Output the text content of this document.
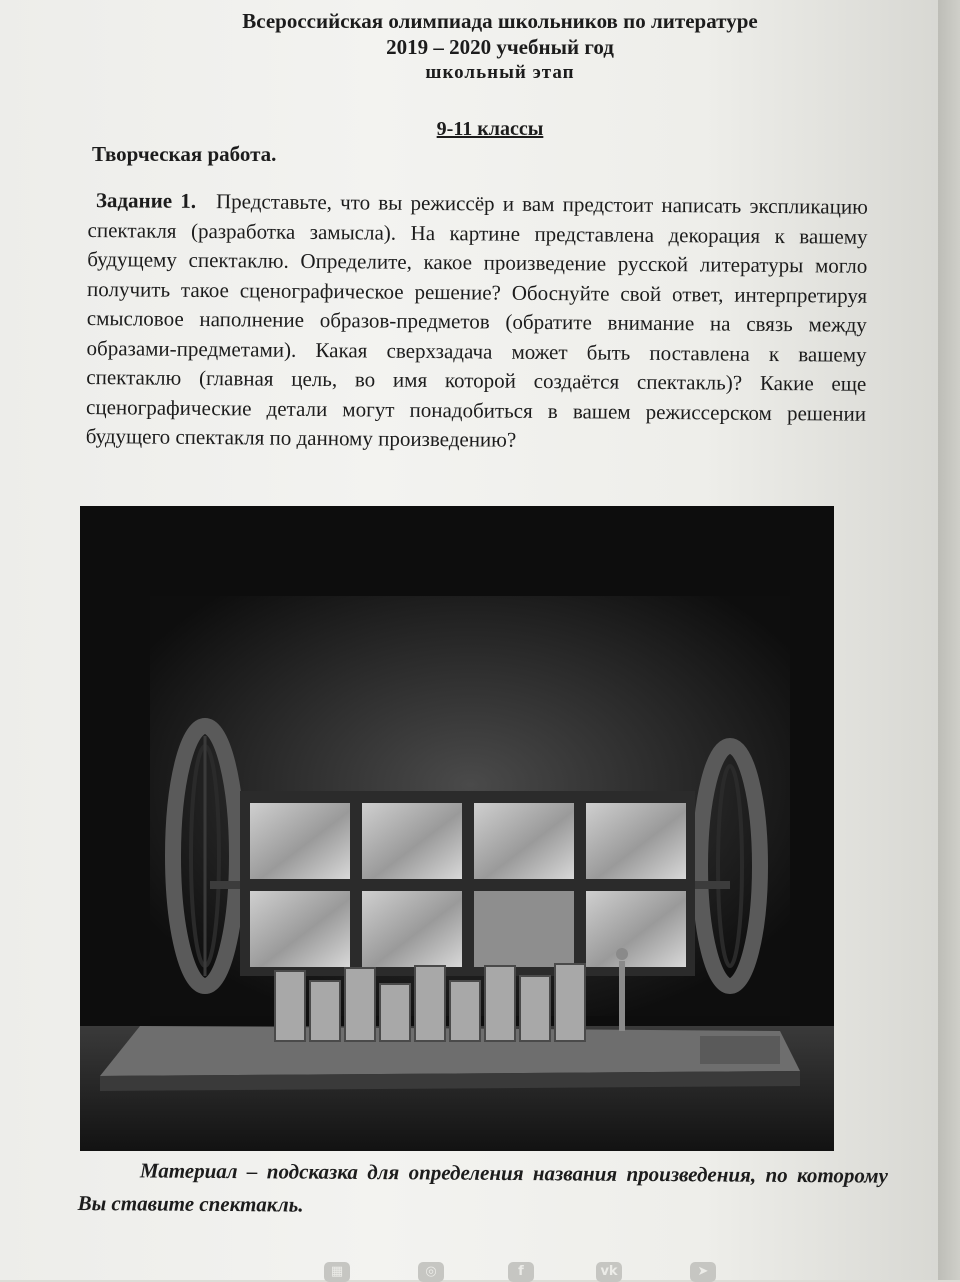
Всероссийская олимпиада школьников по литературе
2019 – 2020 учебный год
школьный этап
9-11 классы
Творческая работа.
Задание 1. Представьте, что вы режиссёр и вам предстоит написать экспликацию спектакля (разработка замысла). На картине представлена декорация к вашему будущему спектаклю. Определите, какое произведение русской литературы могло получить такое сценографическое решение? Обоснуйте свой ответ, интерпретируя смысловое наполнение образов-предметов (обратите внимание на связь между образами-предметами). Какая сверхзадача может быть поставлена к вашему спектаклю (главная цель, во имя которой создаётся спектакль)? Какие еще сценографические детали могут понадобиться в вашем режиссерском решении будущего спектакля по данному произведению?
Материал – подсказка для определения названия произведения, по которому Вы ставите спектакль.
▦	◎	f	vk	➤
